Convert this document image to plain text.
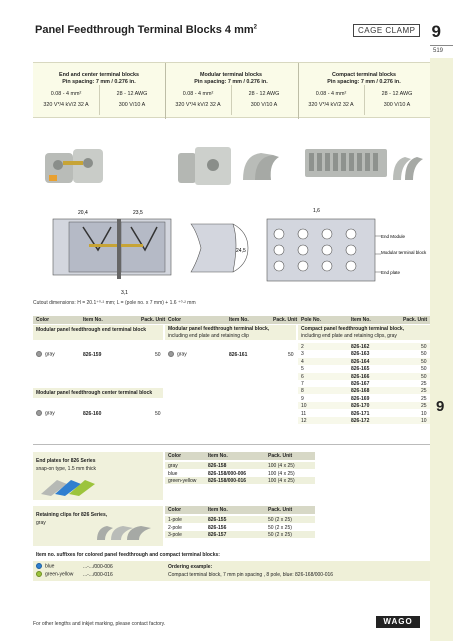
Panel Feedthrough Terminal Blocks 4 $mm^2$	CAGE CLAMP 9
519
9
End and center terminal blocks
Pin spacing: 7 mm / 0.276 in.
0.08 - 4 mm²	28 - 12 AWG
320 V*/4 kV/2 32 A	300 V/10 A
Modular terminal blocks
Pin spacing: 7 mm / 0.276 in.
0.08 - 4 mm²	28 - 12 AWG
320 V*/4 kV/2 32 A	300 V/10 A
Compact terminal blocks
Pin spacing: 7 mm / 0.276 in.
0.08 - 4 mm²	28 - 12 AWG
320 V*/4 kV/2 32 A	300 V/10 A
20,4	23,5
3,1
24,5
1,6
End Module
Modular terminal block
End plate
Cutout dimensions: H = 20.1⁺⁰·² mm; L = (pole no. x 7 mm) + 1.6 ⁺⁰·² mm
Color	Item No.	Pack. Unit Color	Item No.	Pack. Unit Pole No.	Item No.	Pack. Unit
Modular panel feedthrough end terminal block
gray	826-159	50
Modular panel feedthrough center terminal block
gray	826-160	50
Modular panel feedthrough terminal block,
including end plate and retaining clip
gray	826-161	50
Compact panel feedthrough terminal block,
including end plate and retaining clips, gray
2	826-162	50
3	826-163	50
4	826-164	50
5	826-165	50
6	826-166	50
7	826-167	25
8	826-168	25
9	826-169	25
10	826-170	25
11	826-171	10
12	826-172	10
End plates for 826 Series
snap-on type, 1.5 mm thick
Color	Item No.	Pack. Unit
gray	826-158	100 (4 x 25)
blue	826-158/000-006	100 (4 x 25)
green-yellow 826-158/000-016	100 (4 x 25)
Retaining clips for 826 Series,
gray
Color	Item No.	Pack. Unit
1-pole	826-155	50 (2 x 25)
2-pole	826-156	50 (2 x 25)
3-pole	826-157	50 (2 x 25)
Item no. suffixes for colored panel feedthrough and compact terminal blocks:
blue	...-.../000-006
green-yellow ...-.../000-016
Ordering example:
Compact terminal block, 7 mm pin spacing , 8 pole, blue: 826-168/000-016
For other lengths and inkjet marking, please contact factory.	WAGO
